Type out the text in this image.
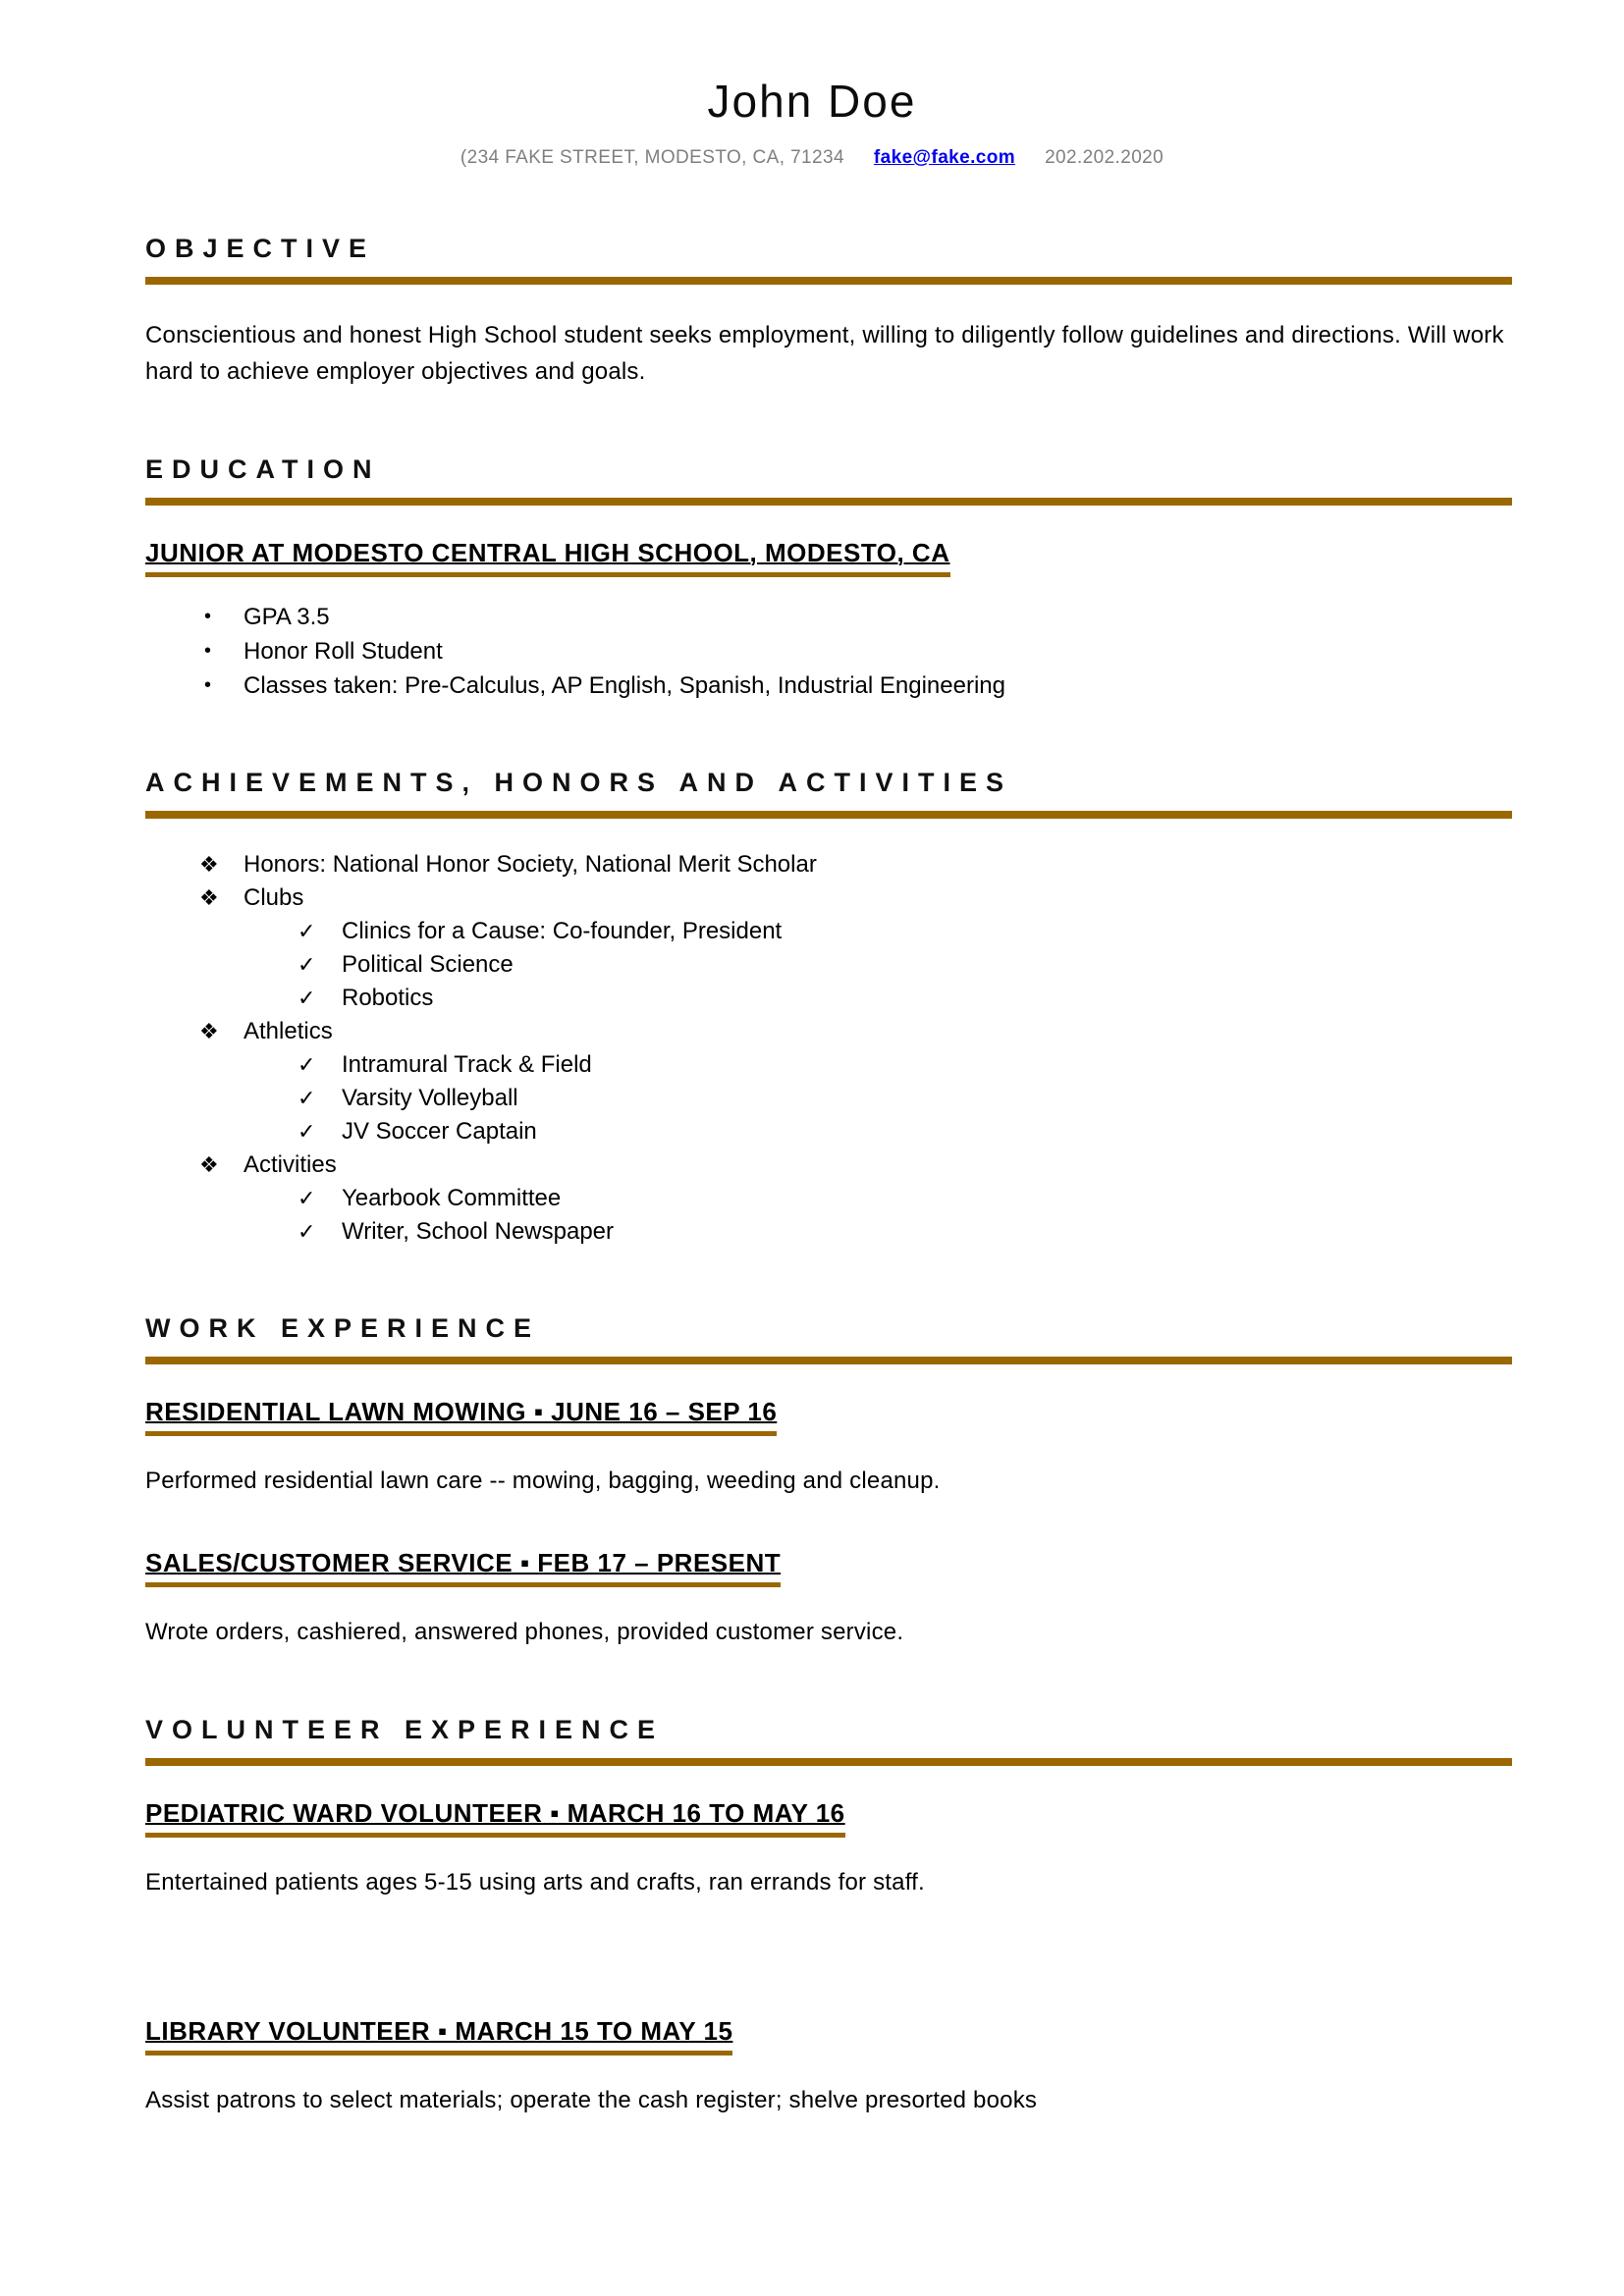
John Doe
(234 FAKE STREET, MODESTO, CA, 71234 fake@fake.com 202.202.2020
OBJECTIVE
Conscientious and honest High School student seeks employment, willing to diligently follow guidelines and directions. Will work hard to achieve employer objectives and goals.
EDUCATION
JUNIOR AT MODESTO CENTRAL HIGH SCHOOL, MODESTO, CA
• GPA 3.5
• Honor Roll Student
• Classes taken: Pre-Calculus, AP English, Spanish, Industrial Engineering
ACHIEVEMENTS, HONORS AND ACTIVITIES
❖ Honors: National Honor Society, National Merit Scholar
❖ Clubs
✓ Clinics for a Cause: Co-founder, President
✓ Political Science
✓ Robotics
❖ Athletics
✓ Intramural Track & Field
✓ Varsity Volleyball
✓ JV Soccer Captain
❖ Activities
✓ Yearbook Committee
✓ Writer, School Newspaper
WORK EXPERIENCE
RESIDENTIAL LAWN MOWING ▪ JUNE 16 – SEP 16
Performed residential lawn care -- mowing, bagging, weeding and cleanup.
SALES/CUSTOMER SERVICE ▪ FEB 17 – PRESENT
Wrote orders, cashiered, answered phones, provided customer service.
VOLUNTEER EXPERIENCE
PEDIATRIC WARD VOLUNTEER ▪ MARCH 16 TO MAY 16
Entertained patients ages 5-15 using arts and crafts, ran errands for staff.
LIBRARY VOLUNTEER ▪ MARCH 15 TO MAY 15
Assist patrons to select materials; operate the cash register; shelve presorted books
